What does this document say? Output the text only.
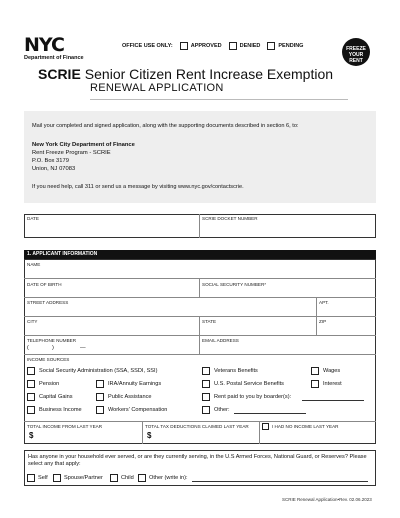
NYC
Department of Finance
OFFICE USE ONLY:	APPROVED	DENIED	PENDING	FREEZE
YOUR RENT
SCRIE Senior Citizen Rent Increase Exemption
RENEWAL APPLICATION
Mail your completed and signed application, along with the supporting documents described in section 6, to:
New York City Department of Finance
Rent Freeze Program - SCRIE
P.O. Box 3179
Union, NJ 07083
If you need help, call 311 or send us a message by visiting www.nyc.gov/contactscrie.
DATE	SCRIE DOCKET NUMBER
1. APPLICANT INFORMATION
NAME
DATE OF BIRTH	SOCIAL SECURITY NUMBER*
STREET ADDRESS	APT.
CITY	STATE	ZIP
TELEPHONE NUMBER
(	)	—
EMAIL ADDRESS
INCOME SOURCES
Social Security Administration (SSA, SSDI, SSI)	Veterans Benefits	Wages
Pension	IRA/Annuity Earnings	U.S. Postal Service Benefits	Interest
Capital Gains	Public Assistance	Rent paid to you by boarder(s):
Business Income	Workers' Compensation	Other:
TOTAL INCOME FROM LAST YEAR
$
TOTAL TAX DEDUCTIONS CLAIMED LAST YEAR
$
I HAD NO INCOME LAST YEAR
Has anyone in your household ever served, or are they currently serving, in the U.S Armed Forces, National Guard, or Reserves? Please select any that apply:
Self	Spouse/Partner	Child	Other (write in):
SCRIE Renewal Application•Rev. 02.06.2023
